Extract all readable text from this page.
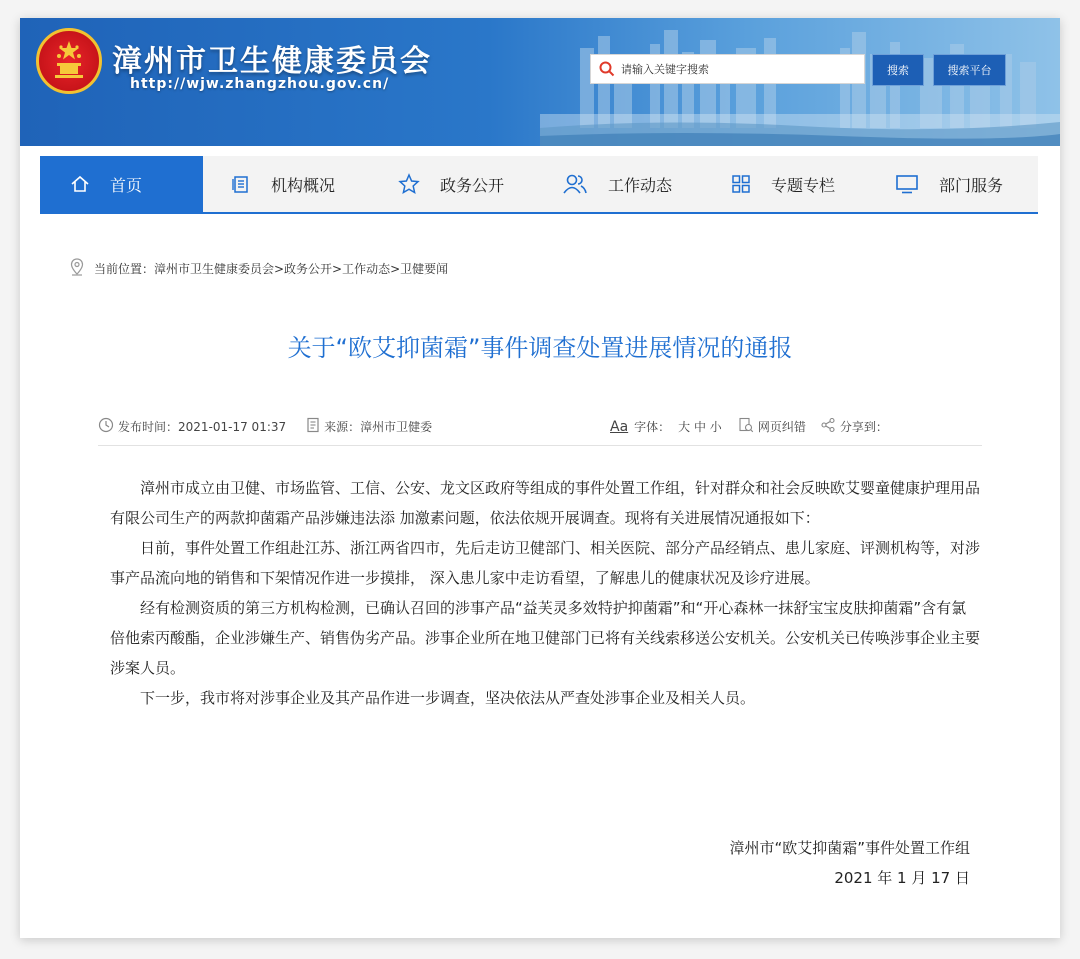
漳州市卫生健康委员会
http://wjw.zhangzhou.gov.cn/
请输入关键字搜索
搜索	搜索平台
首页	机构概况	政务公开	工作动态	专题专栏	部门服务
当前位置：漳州市卫生健康委员会>政务公开>工作动态>卫健要闻
关于“欧艾抑菌霜”事件调查处置进展情况的通报
发布时间：2021-01-17 01:37	来源：漳州市卫健委	Aa 字体： 大 中 小	网页纠错	分享到：

漳州市成立由卫健、市场监管、工信、公安、龙文区政府等组成的事件处置工作组，针对群众和社会反映欧艾婴童健康护理用品有限公司生产的两款抑菌霜产品涉嫌违法添 加激素问题，依法依规开展调查。现将有关进展情况通报如下：

日前，事件处置工作组赴江苏、浙江两省四市，先后走访卫健部门、相关医院、部分产品经销点、患儿家庭、评测机构等，对涉事产品流向地的销售和下架情况作进一步摸排， 深入患儿家中走访看望，了解患儿的健康状况及诊疗进展。

经有检测资质的第三方机构检测，已确认召回的涉事产品“益芙灵多效特护抑菌霜”和“开心森林一抹舒宝宝皮肤抑菌霜”含有氯倍他索丙酸酯，企业涉嫌生产、销售伪劣产品。涉事企业所在地卫健部门已将有关线索移送公安机关。公安机关已传唤涉事企业主要涉案人员。

下一步，我市将对涉事企业及其产品作进一步调查，坚决依法从严查处涉事企业及相关人员。

漳州市“欧艾抑菌霜”事件处置工作组
2021 年 1 月 17 日
